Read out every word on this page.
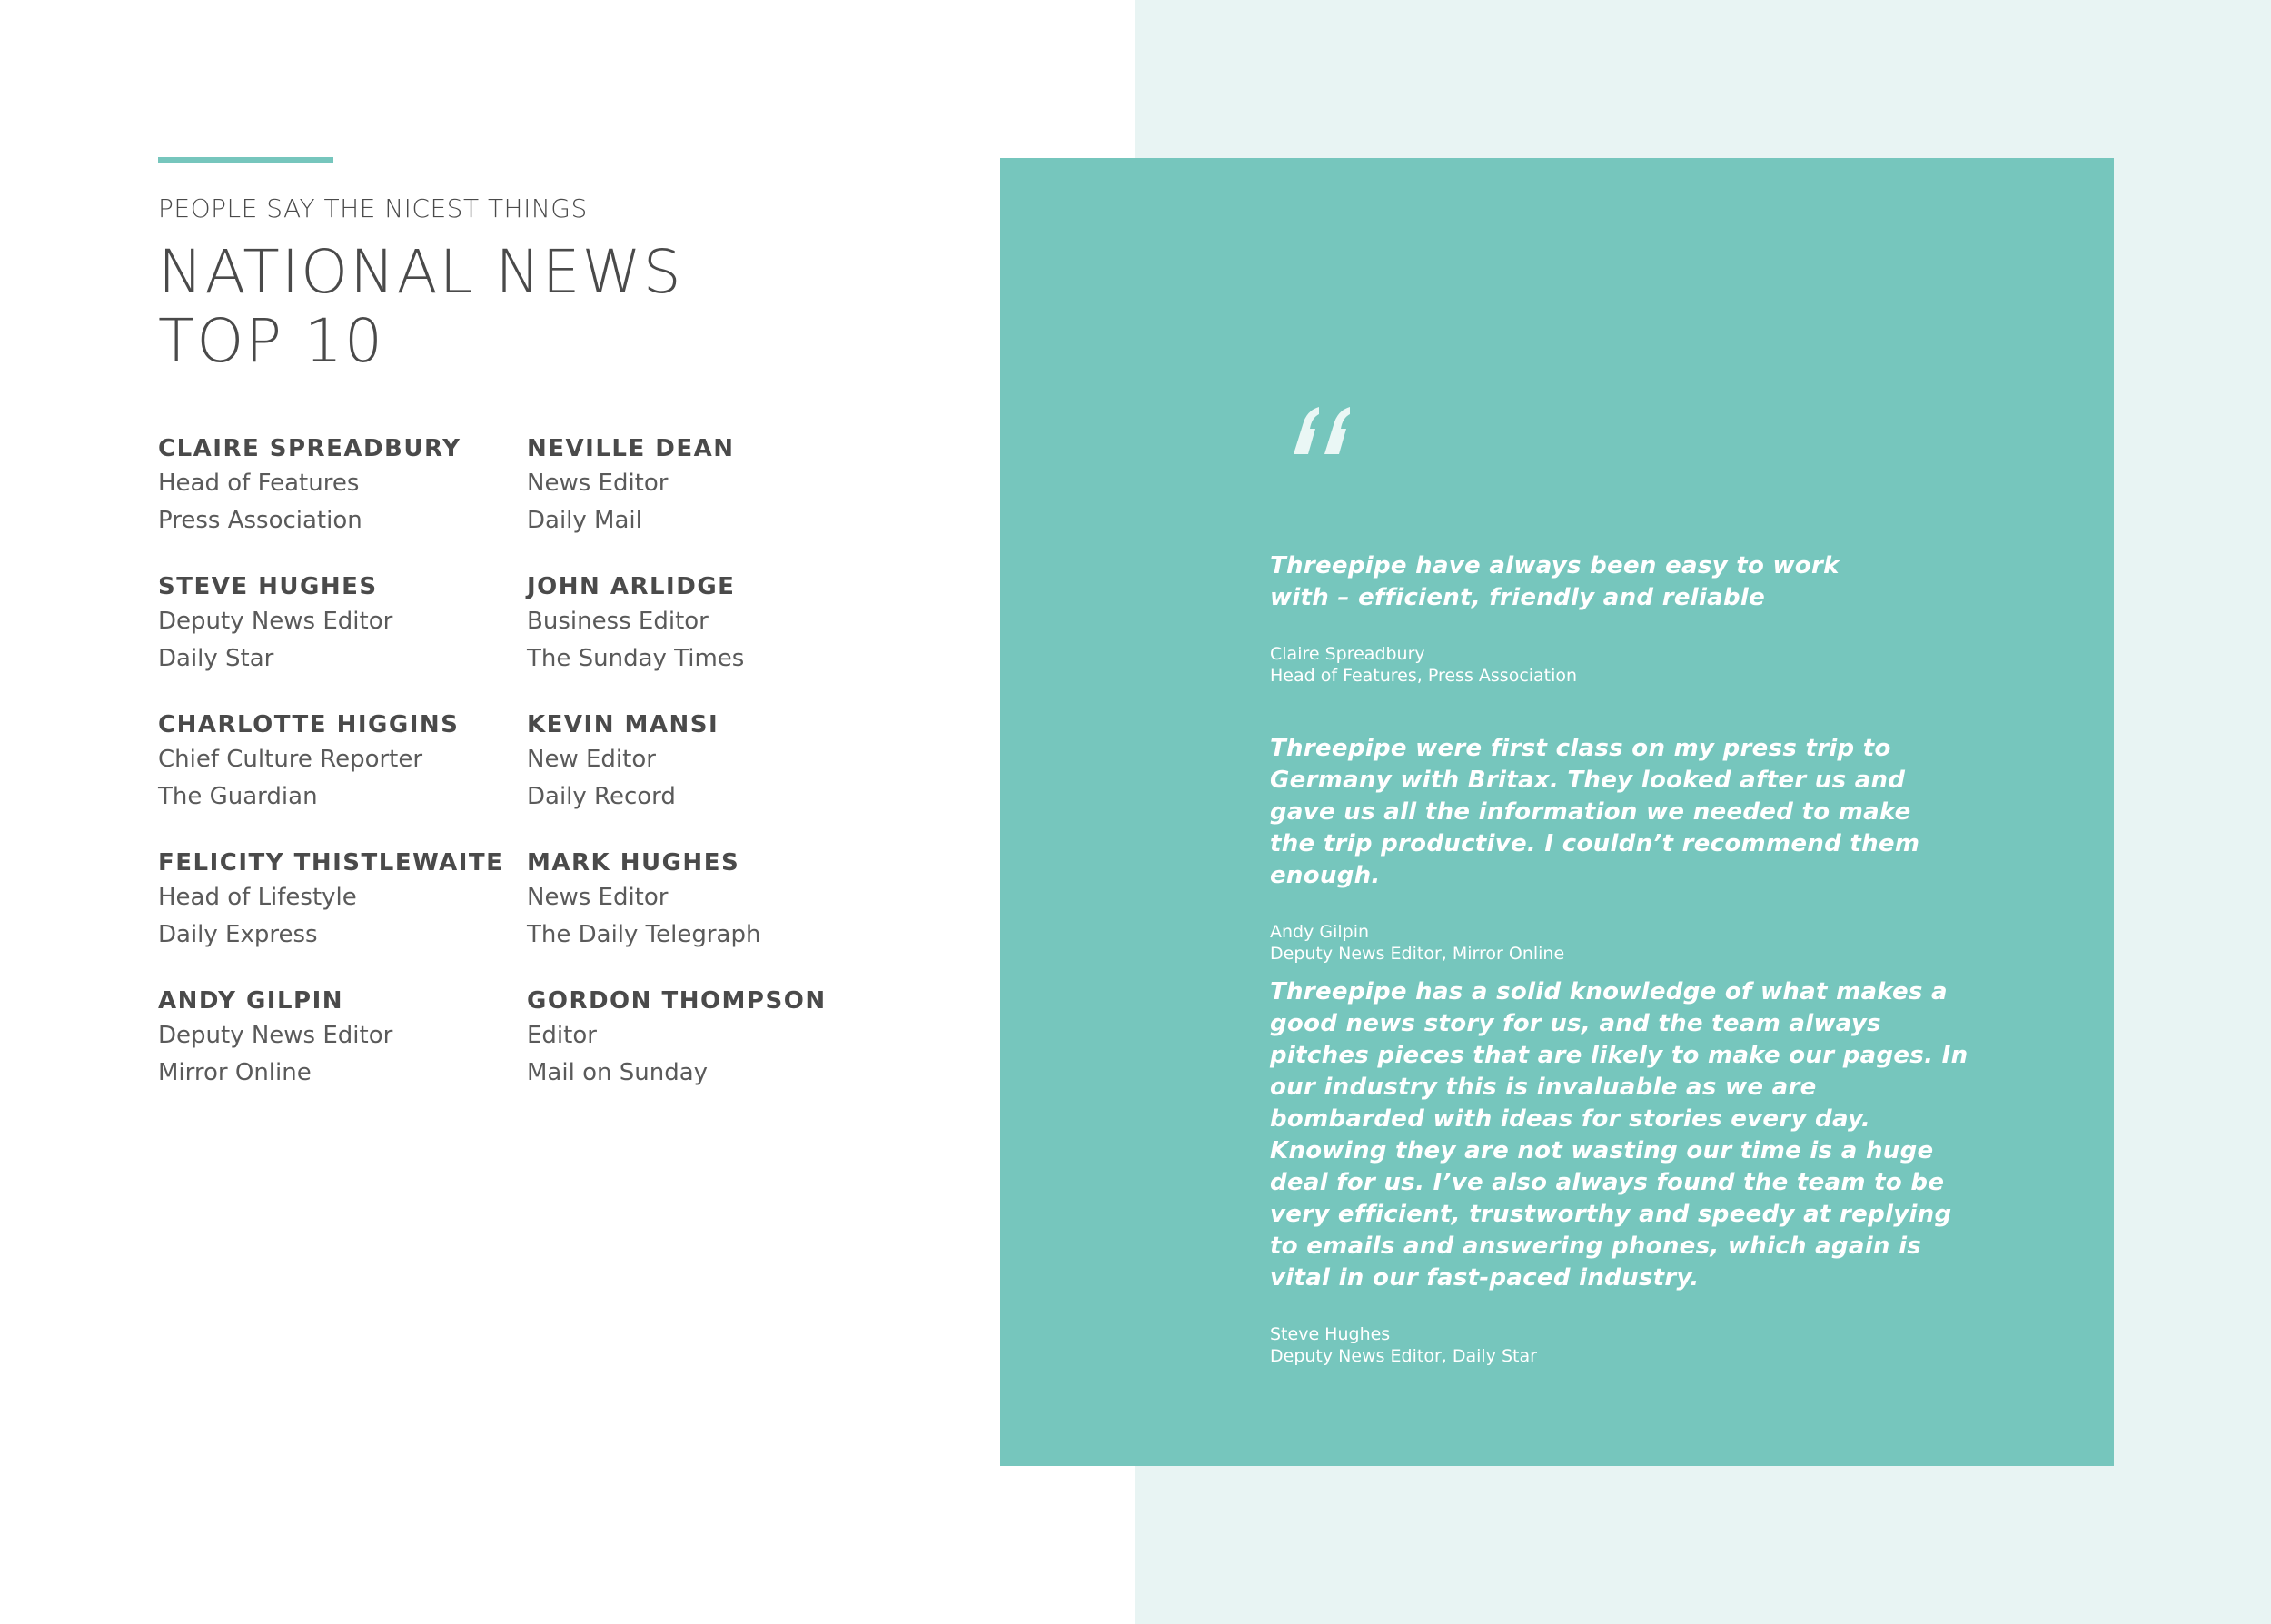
PEOPLE SAY THE NICEST THINGS
NATIONAL NEWS
TOP 10
CLAIRE SPREADBURY
Head of Features
Press Association
STEVE HUGHES
Deputy News Editor
Daily Star
CHARLOTTE HIGGINS
Chief Culture Reporter
The Guardian
FELICITY THISTLEWAITE
Head of Lifestyle
Daily Express
ANDY GILPIN
Deputy News Editor
Mirror Online
NEVILLE DEAN
News Editor
Daily Mail
JOHN ARLIDGE
Business Editor
The Sunday Times
KEVIN MANSI
New Editor
Daily Record
MARK HUGHES
News Editor
The Daily Telegraph
GORDON THOMPSON
Editor
Mail on Sunday
Threepipe have always been easy to work with – efficient, friendly and reliable
Claire Spreadbury
Head of Features, Press Association
Threepipe were first class on my press trip to Germany with Britax. They looked after us and gave us all the information we needed to make the trip productive. I couldn’t recommend them enough.
Andy Gilpin
Deputy News Editor, Mirror Online
Threepipe has a solid knowledge of what makes a good news story for us, and the team always pitches pieces that are likely to make our pages. In our industry this is invaluable as we are bombarded with ideas for stories every day. Knowing they are not wasting our time is a huge deal for us. I’ve also always found the team to be very efficient, trustworthy and speedy at replying to emails and answering phones, which again is vital in our fast-paced industry.
Steve Hughes
Deputy News Editor, Daily Star
